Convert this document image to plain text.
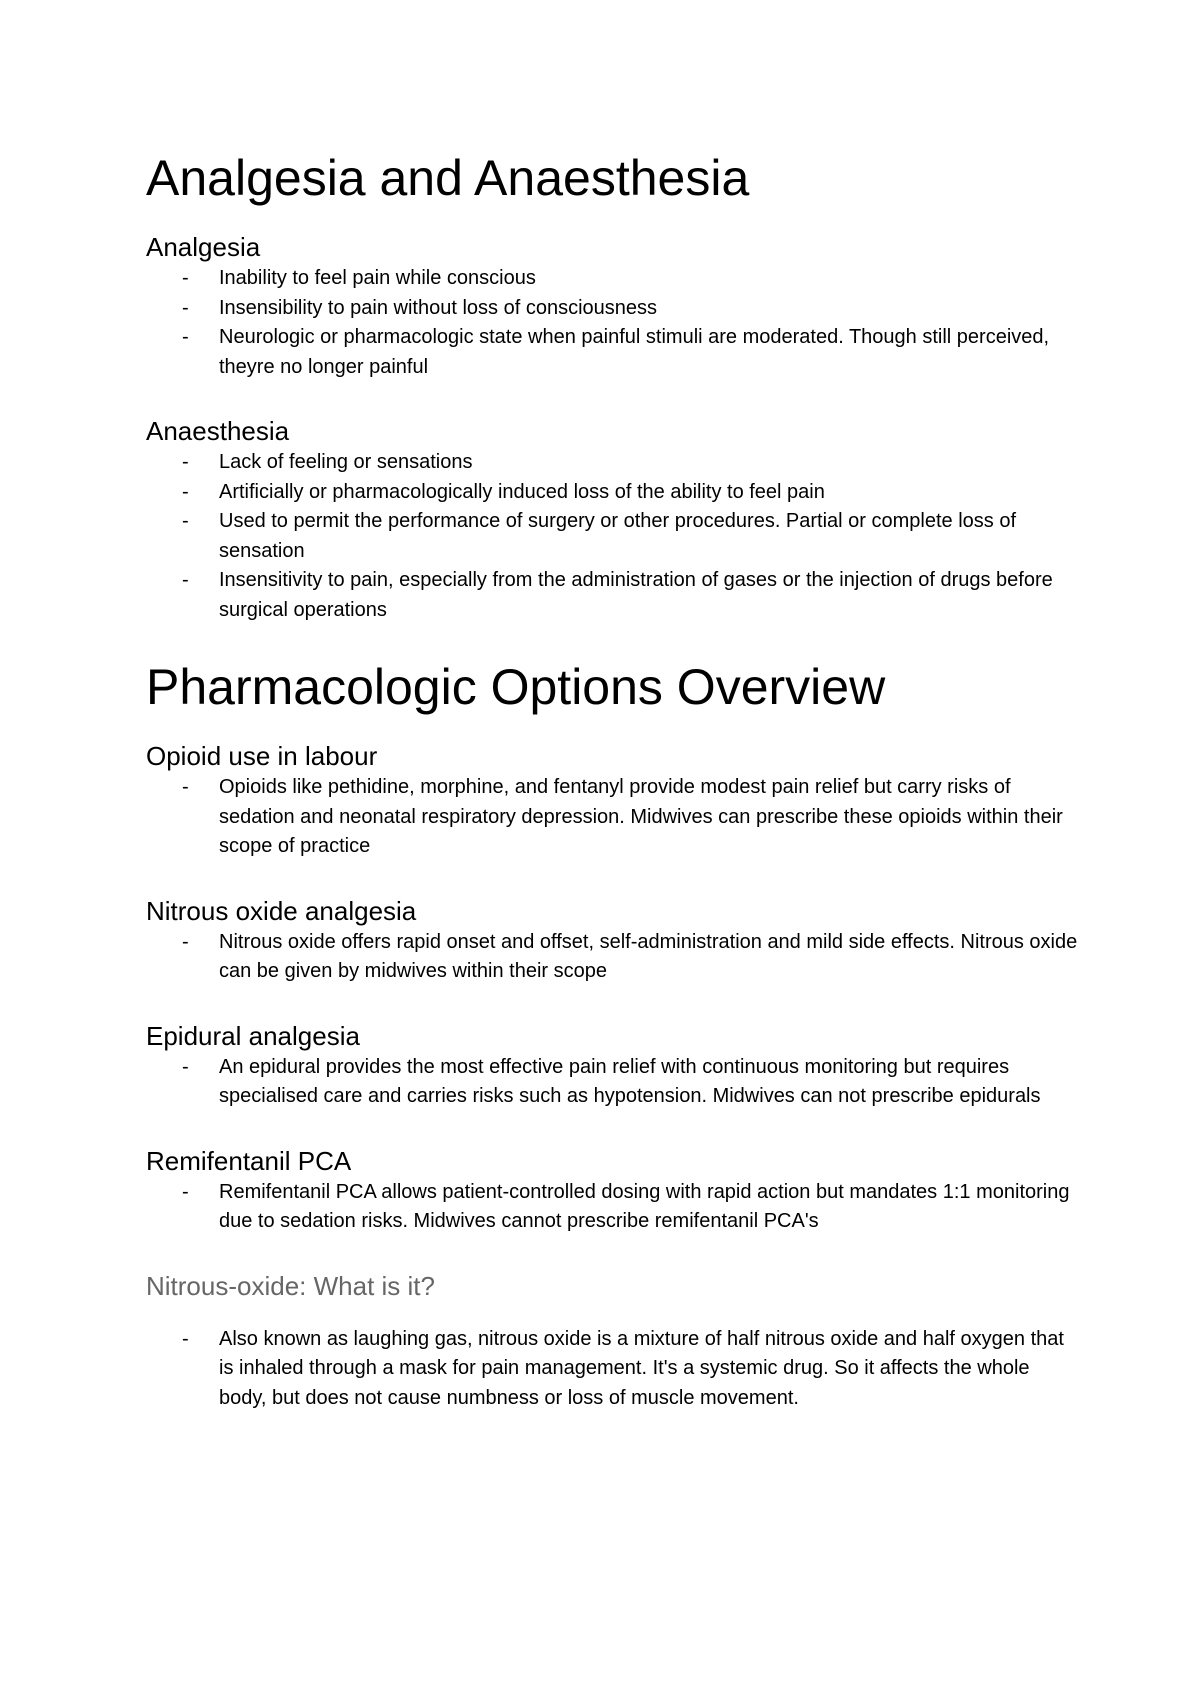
Analgesia and Anaesthesia
Analgesia
- Inability to feel pain while conscious
- Insensibility to pain without loss of consciousness
- Neurologic or pharmacologic state when painful stimuli are moderated. Though still perceived, theyre no longer painful
Anaesthesia
- Lack of feeling or sensations
- Artificially or pharmacologically induced loss of the ability to feel pain
- Used to permit the performance of surgery or other procedures. Partial or complete loss of sensation
- Insensitivity to pain, especially from the administration of gases or the injection of drugs before surgical operations
Pharmacologic Options Overview
Opioid use in labour
- Opioids like pethidine, morphine, and fentanyl provide modest pain relief but carry risks of sedation and neonatal respiratory depression. Midwives can prescribe these opioids within their scope of practice
Nitrous oxide analgesia
- Nitrous oxide offers rapid onset and offset, self-administration and mild side effects. Nitrous oxide can be given by midwives within their scope
Epidural analgesia
- An epidural provides the most effective pain relief with continuous monitoring but requires specialised care and carries risks such as hypotension. Midwives can not prescribe epidurals
Remifentanil PCA
- Remifentanil PCA allows patient-controlled dosing with rapid action but mandates 1:1 monitoring due to sedation risks. Midwives cannot prescribe remifentanil PCA's
Nitrous-oxide: What is it?
- Also known as laughing gas, nitrous oxide is a mixture of half nitrous oxide and half oxygen that is inhaled through a mask for pain management. It's a systemic drug. So it affects the whole body, but does not cause numbness or loss of muscle movement.
